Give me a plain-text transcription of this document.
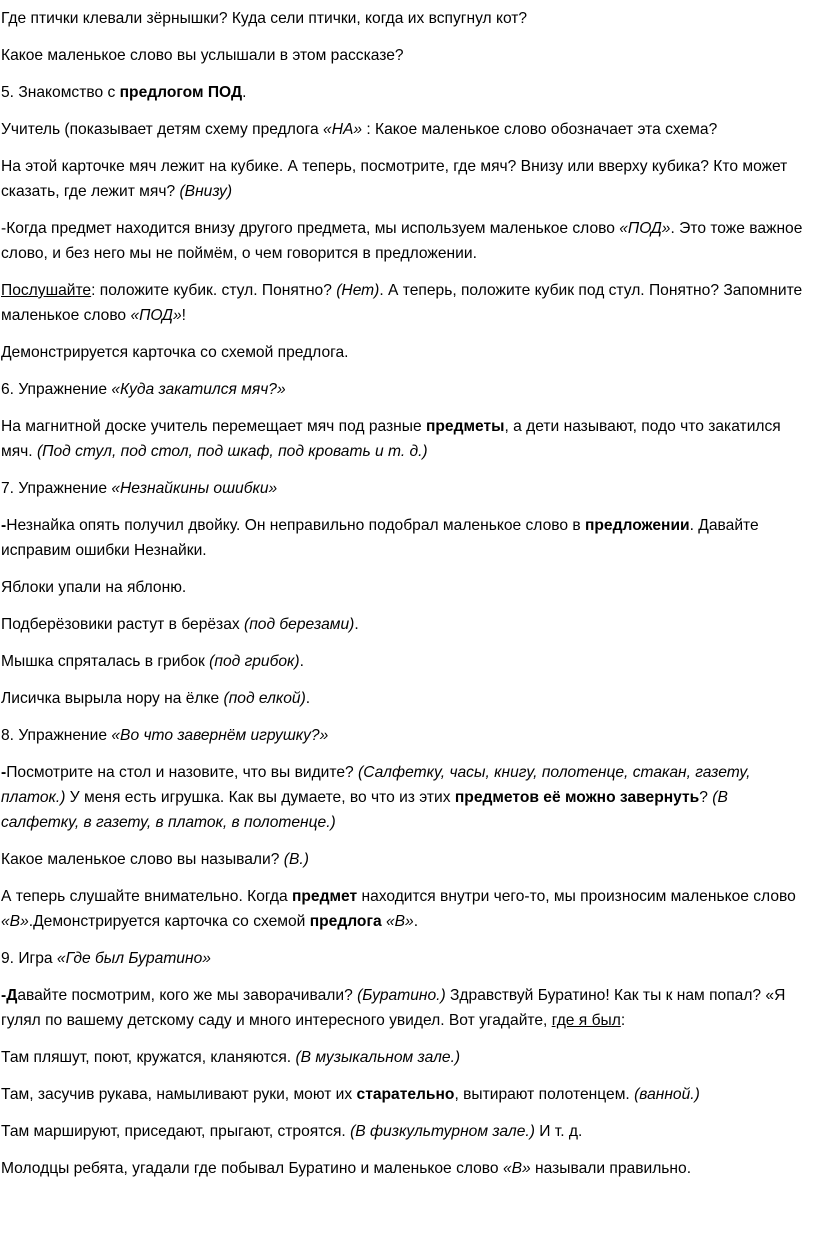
Где птички клевали зёрнышки? Куда сели птички, когда их вспугнул кот?

Какое маленькое слово вы услышали в этом рассказе?

5. Знакомство с предлогом ПОД.

Учитель (показывает детям схему предлога «НА» : Какое маленькое слово обозначает эта схема?

На этой карточке мяч лежит на кубике. А теперь, посмотрите, где мяч? Внизу или вверху кубика? Кто может сказать, где лежит мяч? (Внизу)

-Когда предмет находится внизу другого предмета, мы используем маленькое слово «ПОД». Это тоже важное слово, и без него мы не поймём, о чем говорится в предложении.

Послушайте: положите кубик. стул. Понятно? (Нет). А теперь, положите кубик под стул. Понятно? Запомните маленькое слово «ПОД»!

Демонстрируется карточка со схемой предлога.

6. Упражнение «Куда закатился мяч?»

На магнитной доске учитель перемещает мяч под разные предметы, а дети называют, подо что закатился мяч. (Под стул, под стол, под шкаф, под кровать и т. д.)

7. Упражнение «Незнайкины ошибки»

-Незнайка опять получил двойку. Он неправильно подобрал маленькое слово в предложении. Давайте исправим ошибки Незнайки.

Яблоки упали на яблоню.

Подберёзовики растут в берёзах (под березами).

Мышка спряталась в грибок (под грибок).

Лисичка вырыла нору на ёлке (под елкой).

8. Упражнение «Во что завернём игрушку?»

-Посмотрите на стол и назовите, что вы видите? (Салфетку, часы, книгу, полотенце, стакан, газету, платок.) У меня есть игрушка. Как вы думаете, во что из этих предметов её можно завернуть? (В салфетку, в газету, в платок, в полотенце.)

Какое маленькое слово вы называли? (В.)

А теперь слушайте внимательно. Когда предмет находится внутри чего-то, мы произносим маленькое слово «В».Демонстрируется карточка со схемой предлога «В».

9. Игра «Где был Буратино»

-Давайте посмотрим, кого же мы заворачивали? (Буратино.) Здравствуй Буратино! Как ты к нам попал? «Я гулял по вашему детскому саду и много интересного увидел. Вот угадайте, где я был:

Там пляшут, поют, кружатся, кланяются. (В музыкальном зале.)

Там, засучив рукава, намыливают руки, моют их старательно, вытирают полотенцем. (ванной.)

Там маршируют, приседают, прыгают, строятся. (В физкультурном зале.) И т. д.

Молодцы ребята, угадали где побывал Буратино и маленькое слово «В» называли правильно.
